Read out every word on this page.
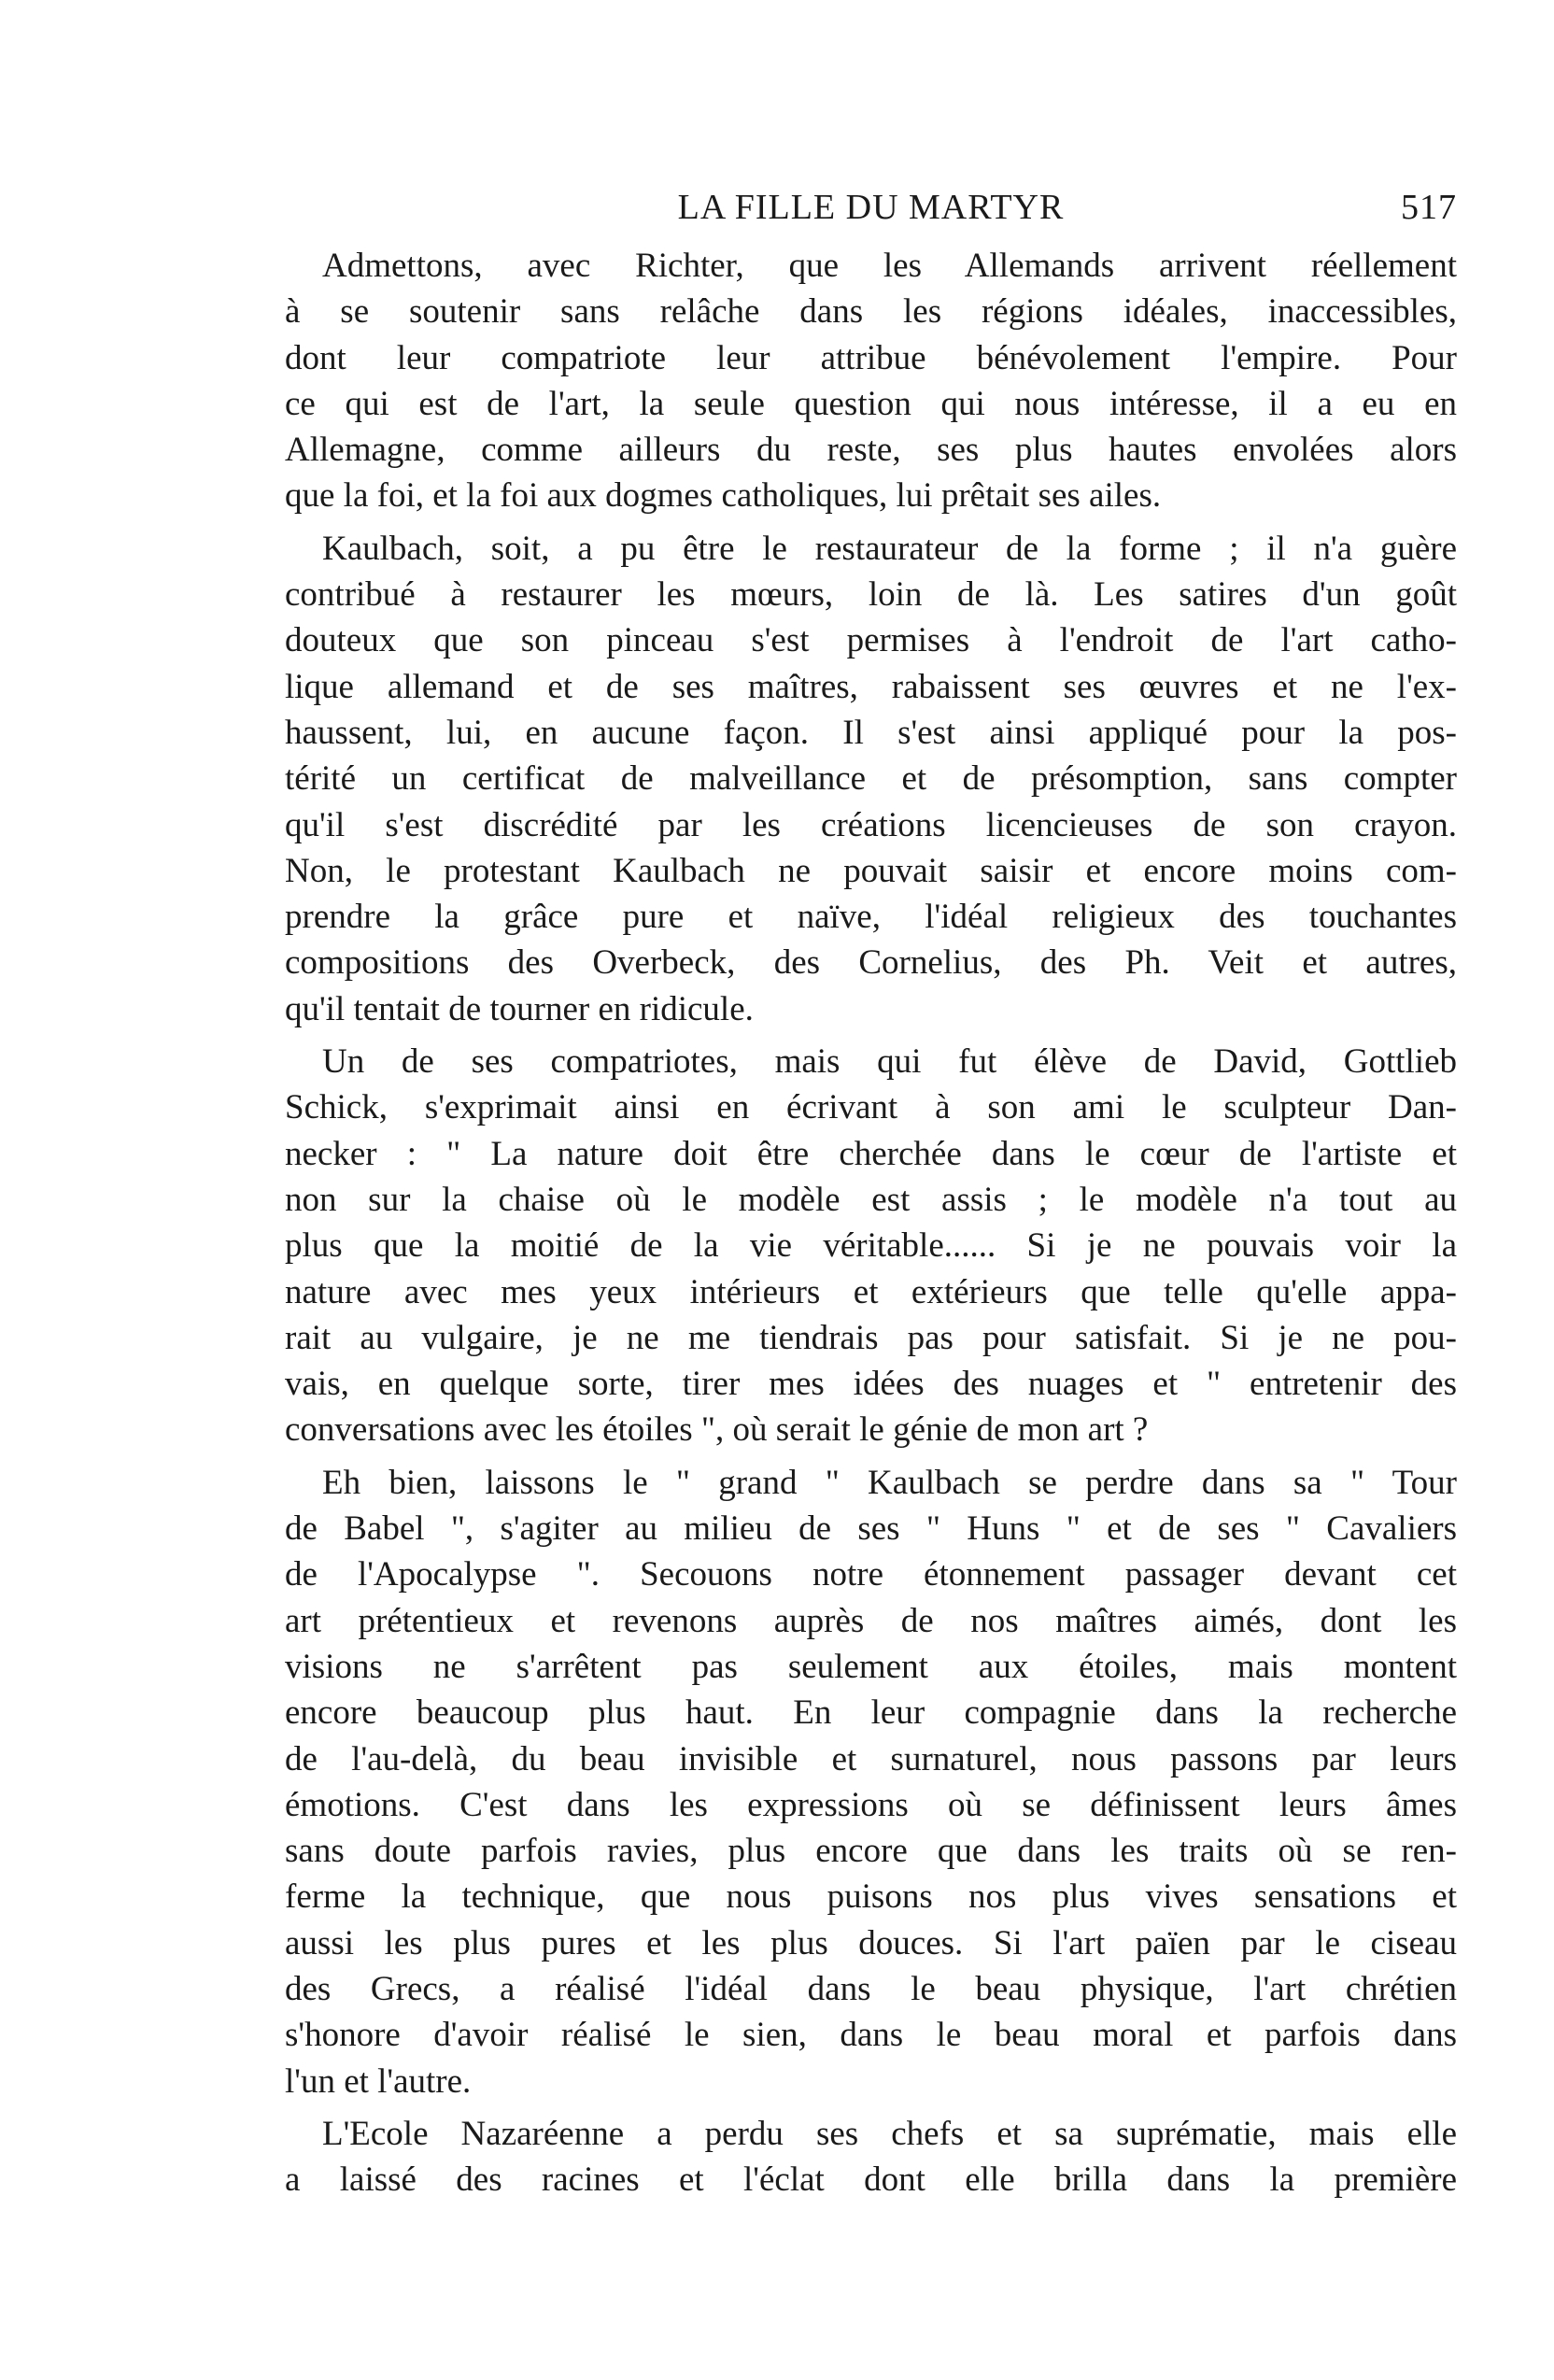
LA FILLE DU MARTYR	517
Admettons, avec Richter, que les Allemands arrivent réellement
à se soutenir sans relâche dans les régions idéales, inaccessibles,
dont leur compatriote leur attribue bénévolement l'empire. Pour
ce qui est de l'art, la seule question qui nous intéresse, il a eu en
Allemagne, comme ailleurs du reste, ses plus hautes envolées alors
que la foi, et la foi aux dogmes catholiques, lui prêtait ses ailes.
Kaulbach, soit, a pu être le restaurateur de la forme ; il n'a guère
contribué à restaurer les mœurs, loin de là. Les satires d'un goût
douteux que son pinceau s'est permises à l'endroit de l'art catho-
lique allemand et de ses maîtres, rabaissent ses œuvres et ne l'ex-
haussent, lui, en aucune façon. Il s'est ainsi appliqué pour la pos-
térité un certificat de malveillance et de présomption, sans compter
qu'il s'est discrédité par les créations licencieuses de son crayon.
Non, le protestant Kaulbach ne pouvait saisir et encore moins com-
prendre la grâce pure et naïve, l'idéal religieux des touchantes
compositions des Overbeck, des Cornelius, des Ph. Veit et autres,
qu'il tentait de tourner en ridicule.
Un de ses compatriotes, mais qui fut élève de David, Gottlieb
Schick, s'exprimait ainsi en écrivant à son ami le sculpteur Dan-
necker : " La nature doit être cherchée dans le cœur de l'artiste et
non sur la chaise où le modèle est assis ; le modèle n'a tout au
plus que la moitié de la vie véritable...... Si je ne pouvais voir la
nature avec mes yeux intérieurs et extérieurs que telle qu'elle appa-
rait au vulgaire, je ne me tiendrais pas pour satisfait. Si je ne pou-
vais, en quelque sorte, tirer mes idées des nuages et " entretenir des
conversations avec les étoiles ", où serait le génie de mon art ?
Eh bien, laissons le " grand " Kaulbach se perdre dans sa " Tour
de Babel ", s'agiter au milieu de ses " Huns " et de ses " Cavaliers
de l'Apocalypse ". Secouons notre étonnement passager devant cet
art prétentieux et revenons auprès de nos maîtres aimés, dont les
visions ne s'arrêtent pas seulement aux étoiles, mais montent
encore beaucoup plus haut. En leur compagnie dans la recherche
de l'au-delà, du beau invisible et surnaturel, nous passons par leurs
émotions. C'est dans les expressions où se définissent leurs âmes
sans doute parfois ravies, plus encore que dans les traits où se ren-
ferme la technique, que nous puisons nos plus vives sensations et
aussi les plus pures et les plus douces. Si l'art païen par le ciseau
des Grecs, a réalisé l'idéal dans le beau physique, l'art chrétien
s'honore d'avoir réalisé le sien, dans le beau moral et parfois dans
l'un et l'autre.
L'Ecole Nazaréenne a perdu ses chefs et sa suprématie, mais elle
a laissé des racines et l'éclat dont elle brilla dans la première
